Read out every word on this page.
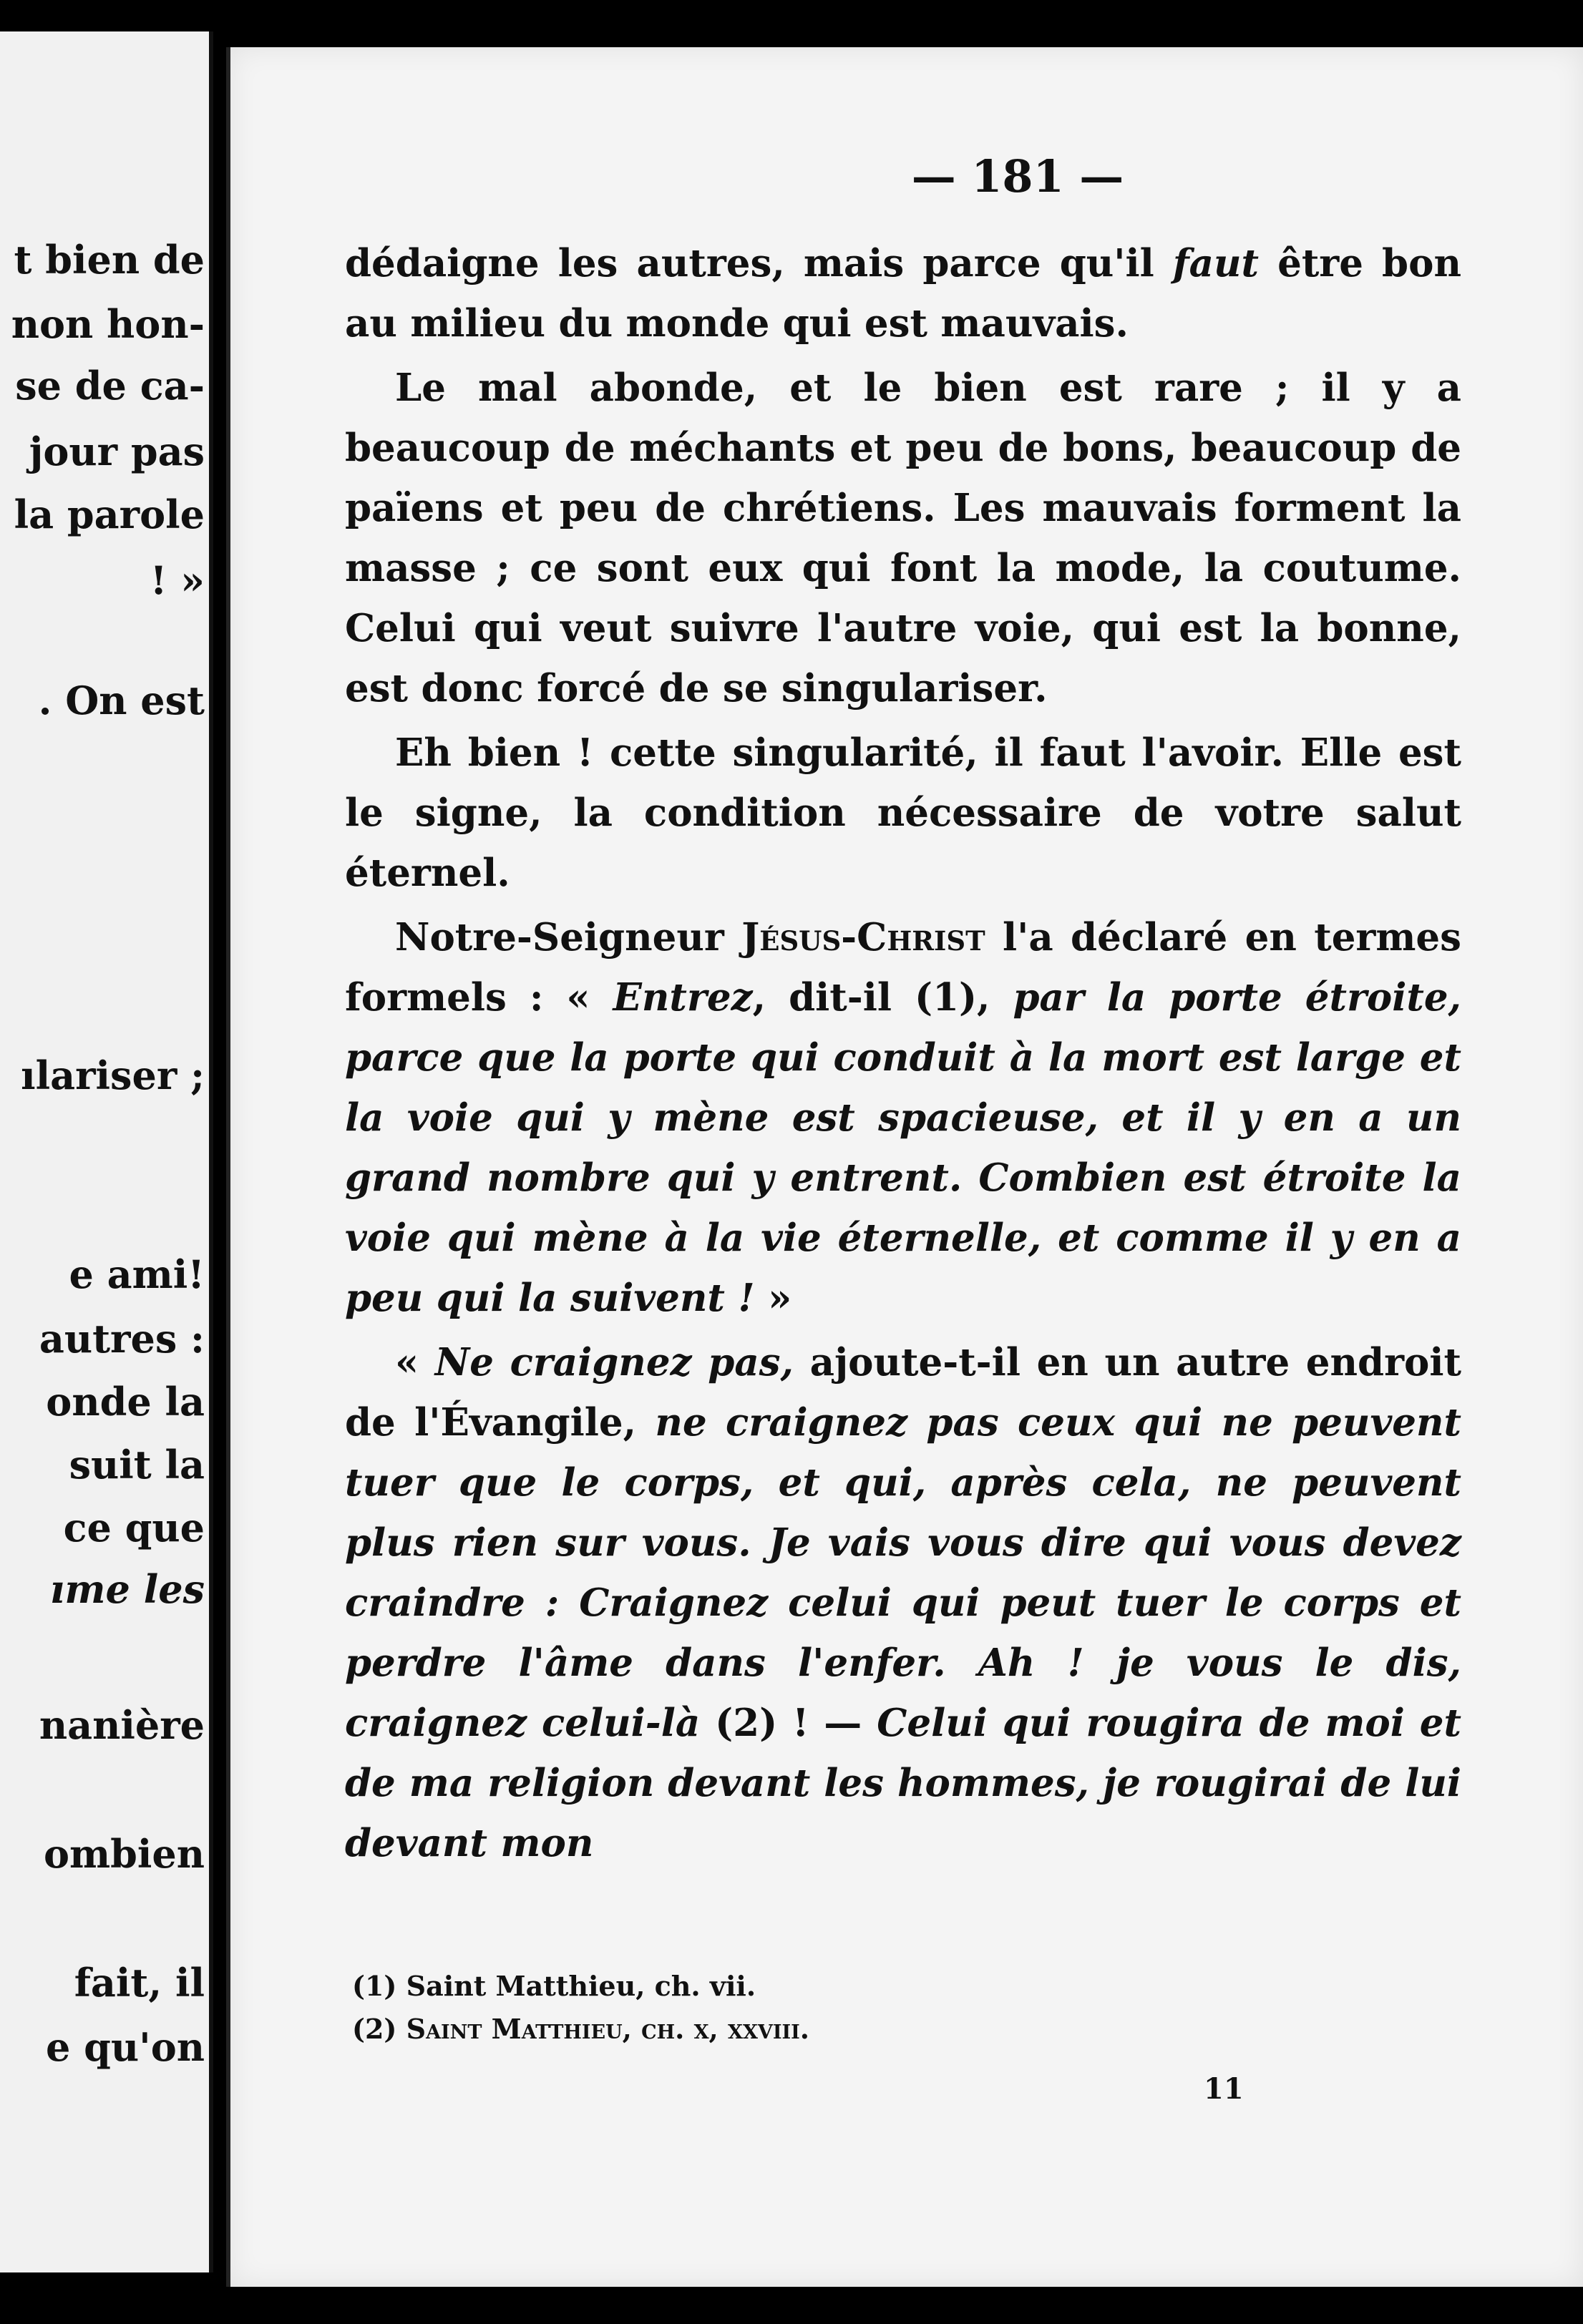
t bien de
non hon-
se de ca-
jour pas
la parole
! »
. On est
ılariser ;
e ami!
autres :
onde la
suit la
ce que
ıme les
nanière
ombien
fait, il
e qu'on
— 181 —

dédaigne les autres, mais parce qu'il faut être bon au milieu du monde qui est mauvais.

Le mal abonde, et le bien est rare ; il y a beaucoup de méchants et peu de bons, beaucoup de païens et peu de chrétiens. Les mauvais forment la masse ; ce sont eux qui font la mode, la coutume. Celui qui veut suivre l'autre voie, qui est la bonne, est donc forcé de se singulariser.

Eh bien ! cette singularité, il faut l'avoir. Elle est le signe, la condition nécessaire de votre salut éternel.

Notre-Seigneur Jésus-Christ l'a déclaré en termes formels : « Entrez, dit-il (1), par la porte étroite, parce que la porte qui conduit à la mort est large et la voie qui y mène est spacieuse, et il y en a un grand nombre qui y entrent. Combien est étroite la voie qui mène à la vie éternelle, et comme il y en a peu qui la suivent ! »

« Ne craignez pas, ajoute-t-il en un autre endroit de l'Évangile, ne craignez pas ceux qui ne peuvent tuer que le corps, et qui, après cela, ne peuvent plus rien sur vous. Je vais vous dire qui vous devez craindre : Craignez celui qui peut tuer le corps et perdre l'âme dans l'enfer. Ah ! je vous le dis, craignez celui-là (2) ! — Celui qui rougira de moi et de ma religion devant les hommes, je rougirai de lui devant mon

(1) Saint Matthieu, ch. vii.
(2) Saint Matthieu, ch. x, xxviii.
11
